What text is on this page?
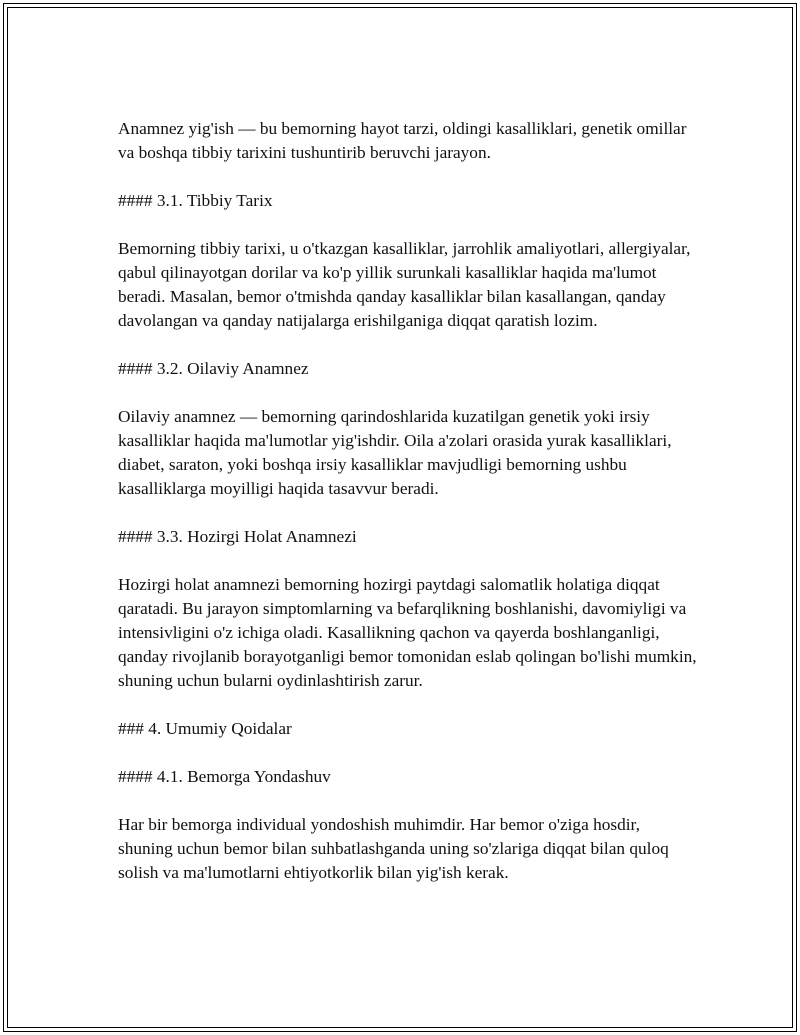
Anamnez yig'ish — bu bemorning hayot tarzi, oldingi kasalliklari, genetik omillar va boshqa tibbiy tarixini tushuntirib beruvchi jarayon.

#### 3.1. Tibbiy Tarix

Bemorning tibbiy tarixi, u o'tkazgan kasalliklar, jarrohlik amaliyotlari, allergiyalar, qabul qilinayotgan dorilar va ko'p yillik surunkali kasalliklar haqida ma'lumot beradi. Masalan, bemor o'tmishda qanday kasalliklar bilan kasallangan, qanday davolangan va qanday natijalarga erishilganiga diqqat qaratish lozim.

#### 3.2. Oilaviy Anamnez

Oilaviy anamnez — bemorning qarindoshlarida kuzatilgan genetik yoki irsiy kasalliklar haqida ma'lumotlar yig'ishdir. Oila a'zolari orasida yurak kasalliklari, diabet, saraton, yoki boshqa irsiy kasalliklar mavjudligi bemorning ushbu kasalliklarga moyilligi haqida tasavvur beradi.

#### 3.3. Hozirgi Holat Anamnezi

Hozirgi holat anamnezi bemorning hozirgi paytdagi salomatlik holatiga diqqat qaratadi. Bu jarayon simptomlarning va befarqlikning boshlanishi, davomiyligi va intensivligini o'z ichiga oladi. Kasallikning qachon va qayerda boshlanganligi, qanday rivojlanib borayotganligi bemor tomonidan eslab qolingan bo'lishi mumkin, shuning uchun bularni oydinlashtirish zarur.

### 4. Umumiy Qoidalar

#### 4.1. Bemorga Yondashuv

Har bir bemorga individual yondoshish muhimdir. Har bemor o'ziga hosdir, shuning uchun bemor bilan suhbatlashganda uning so'zlariga diqqat bilan quloq solish va ma'lumotlarni ehtiyotkorlik bilan yig'ish kerak.
